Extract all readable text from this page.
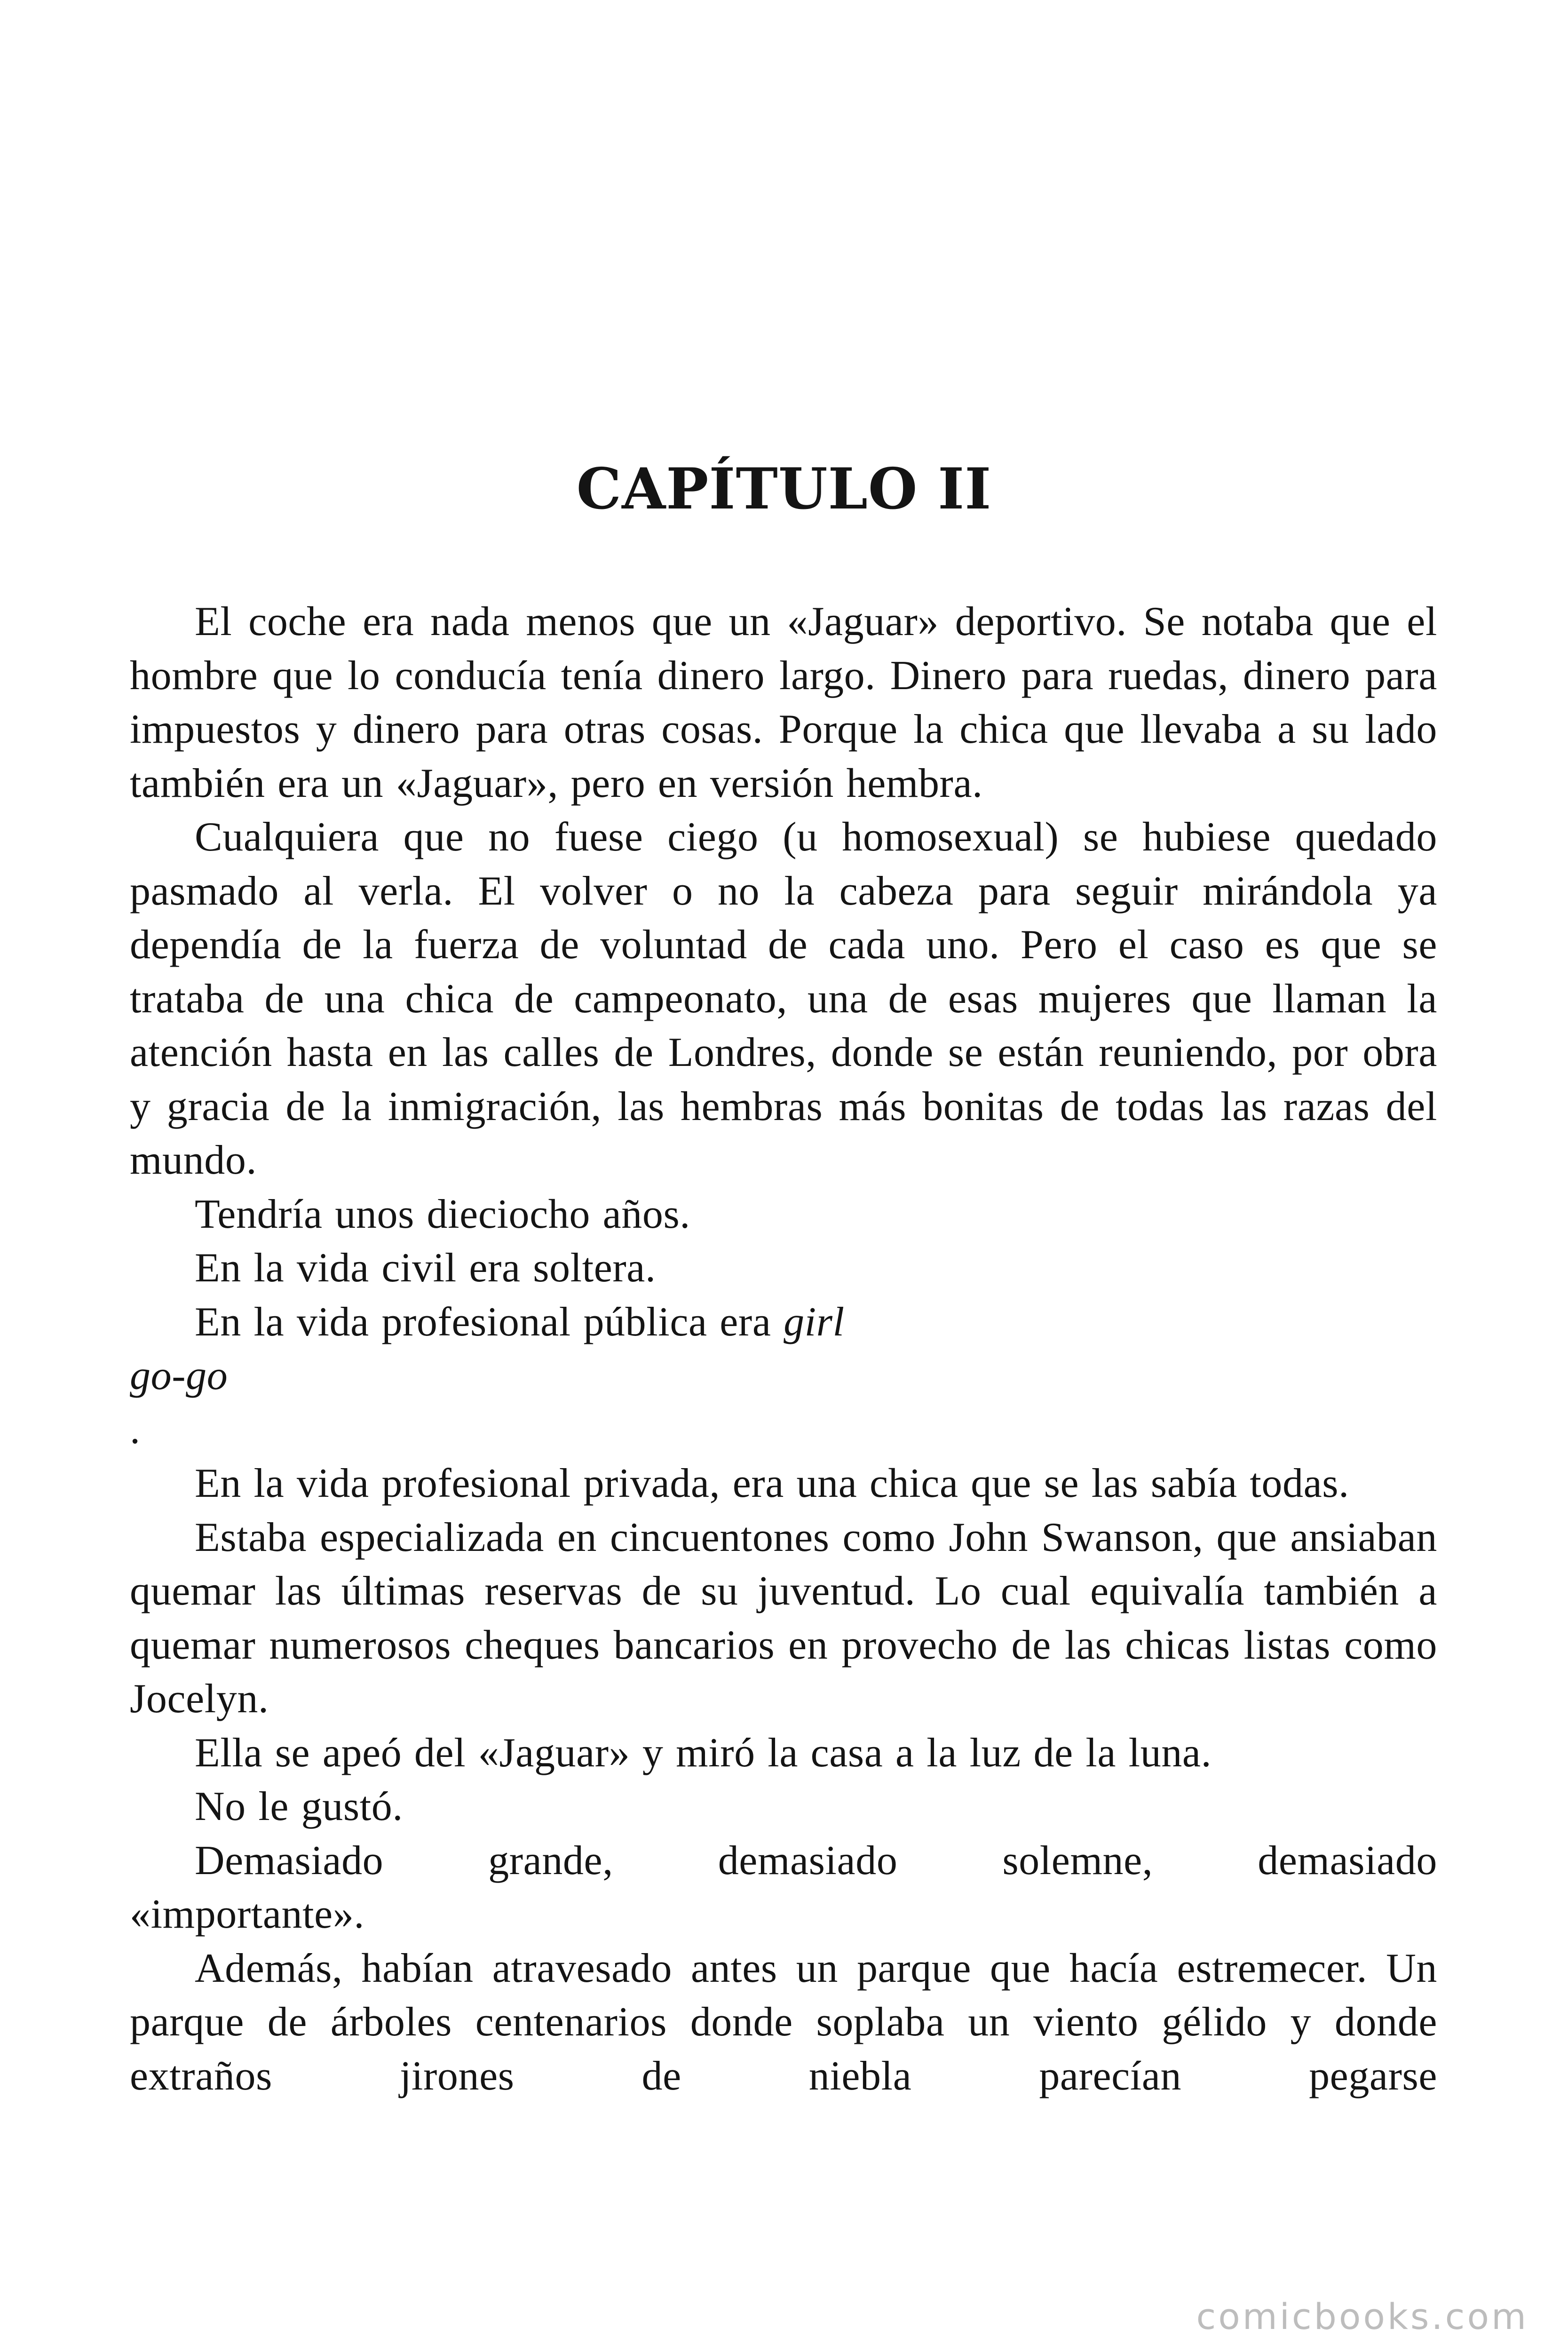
CAPÍTULO II

El coche era nada menos que un «Jaguar» deportivo. Se notaba que el hombre que lo conducía tenía dinero largo. Dinero para ruedas, dinero para impuestos y dinero para otras cosas. Porque la chica que llevaba a su lado también era un «Jaguar», pero en versión hembra.

Cualquiera que no fuese ciego (u homosexual) se hubiese quedado pasmado al verla. El volver o no la cabeza para seguir mirándola ya dependía de la fuerza de voluntad de cada uno. Pero el caso es que se trataba de una chica de campeonato, una de esas mujeres que llaman la atención hasta en las calles de Londres, donde se están reuniendo, por obra y gracia de la inmigración, las hembras más bonitas de todas las razas del mundo.

Tendría unos dieciocho años.

En la vida civil era soltera.

En la vida profesional pública era girl

go-go

.

En la vida profesional privada, era una chica que se las sabía todas.

Estaba especializada en cincuentones como John Swanson, que ansiaban quemar las últimas reservas de su juventud. Lo cual equivalía también a quemar numerosos cheques bancarios en provecho de las chicas listas como Jocelyn.

Ella se apeó del «Jaguar» y miró la casa a la luz de la luna.

No le gustó.

Demasiado grande, demasiado solemne, demasiado

«importante».

Además, habían atravesado antes un parque que hacía estremecer. Un parque de árboles centenarios donde soplaba un viento gélido y donde extraños jirones de niebla parecían pegarse

comicbooks.com
